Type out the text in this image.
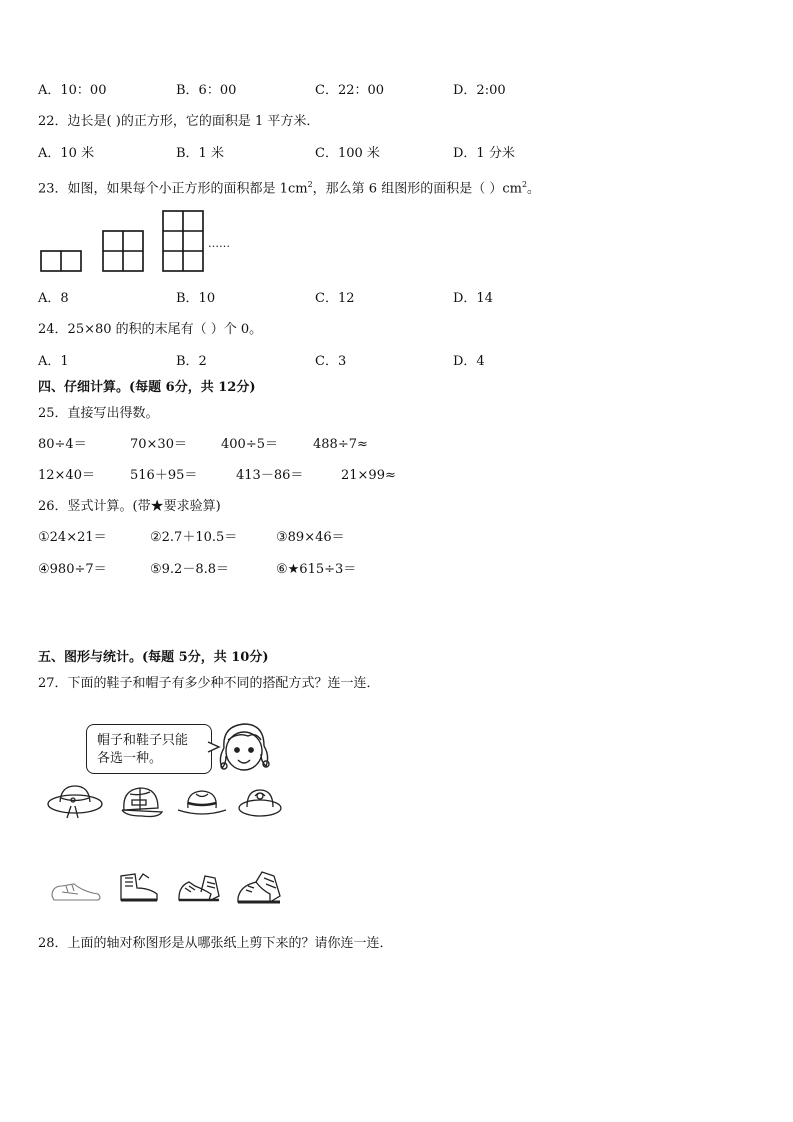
A．10：00	B．6：00	C．22：00	D．2:00
22．边长是( )的正方形，它的面积是 1 平方米．
A．10 米	B．1 米	C．100 米	D．1 分米
23．如图，如果每个小正方形的面积都是 $1cm^2$，那么第 6 组图形的面积是（ ）$cm^2$。
……
A．8	B．10	C．12	D．14
24．25×80 的积的末尾有（ ）个 0。
A．1	B．2	C．3	D．4
四、仔细计算。(每题 6分，共 12分)
25．直接写出得数。
80÷4＝	70×30＝	400÷5＝	488÷7≈
12×40＝	516＋95＝	413－86＝	21×99≈
26．竖式计算。(带★要求验算)
①24×21＝	②2.7＋10.5＝	③89×46＝
④980÷7＝	⑤9.2－8.8＝	⑥★615÷3＝
五、图形与统计。(每题 5分，共 10分)
27．下面的鞋子和帽子有多少种不同的搭配方式？连一连．
帽子和鞋子只能
各选一种。
28．上面的轴对称图形是从哪张纸上剪下来的？请你连一连．
